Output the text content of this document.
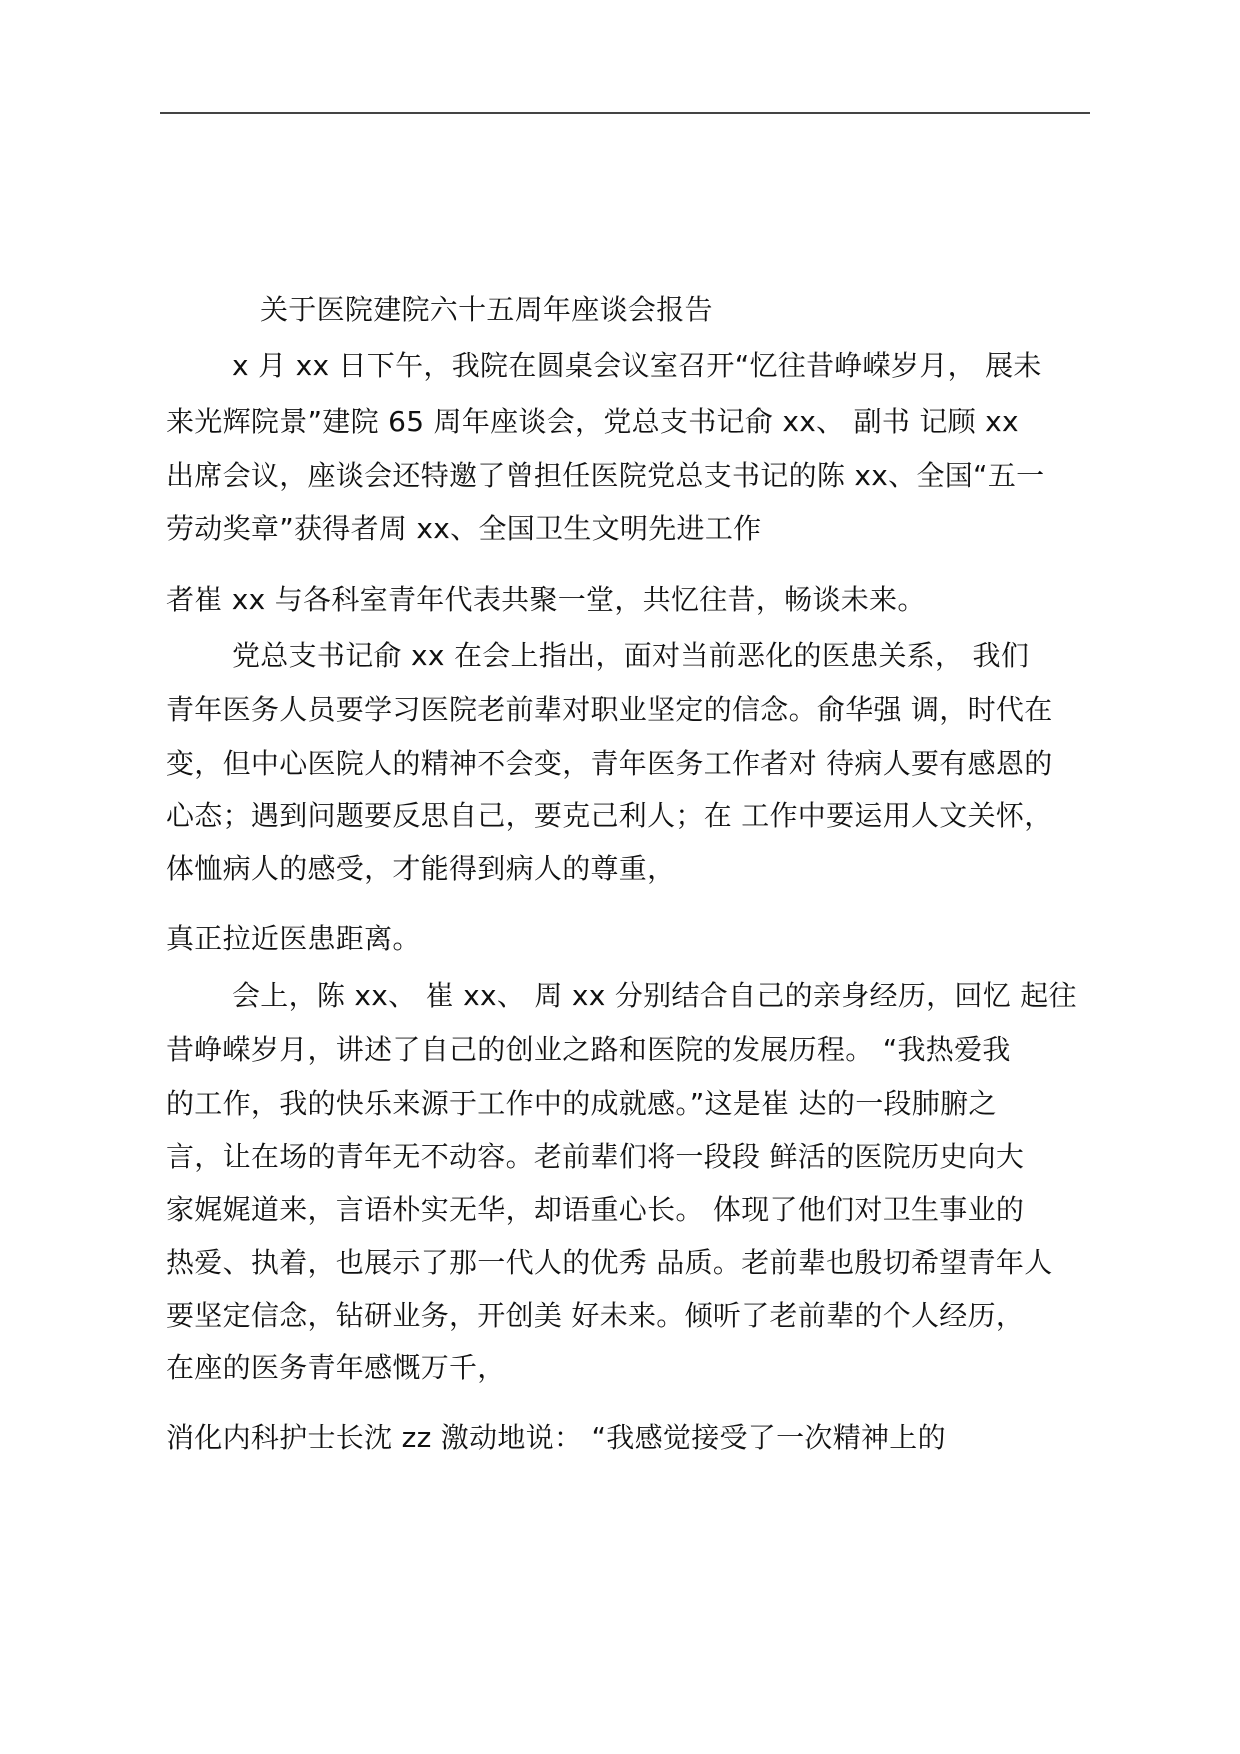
关于医院建院六十五周年座谈会报告
x 月 xx 日下午，我院在圆桌会议室召开“忆往昔峥嵘岁月， 展未
来光辉院景”建院 65 周年座谈会，党总支书记俞 xx、 副书 记顾 xx
出席会议，座谈会还特邀了曾担任医院党总支书记的陈 xx、全国“五一
劳动奖章”获得者周 xx、全国卫生文明先进工作
者崔 xx 与各科室青年代表共聚一堂，共忆往昔，畅谈未来。
党总支书记俞 xx 在会上指出，面对当前恶化的医患关系， 我们
青年医务人员要学习医院老前辈对职业坚定的信念。俞华强 调，时代在
变，但中心医院人的精神不会变，青年医务工作者对 待病人要有感恩的
心态；遇到问题要反思自己，要克己利人；在 工作中要运用人文关怀，
体恤病人的感受，才能得到病人的尊重，
真正拉近医患距离。
会上，陈 xx、 崔 xx、 周 xx 分别结合自己的亲身经历，回忆 起往
昔峥嵘岁月，讲述了自己的创业之路和医院的发展历程。 “我热爱我
的工作，我的快乐来源于工作中的成就感。”这是崔 达的一段肺腑之
言，让在场的青年无不动容。老前辈们将一段段 鲜活的医院历史向大
家娓娓道来，言语朴实无华，却语重心长。 体现了他们对卫生事业的
热爱、执着，也展示了那一代人的优秀 品质。老前辈也殷切希望青年人
要坚定信念，钻研业务，开创美 好未来。倾听了老前辈的个人经历，
在座的医务青年感慨万千，
消化内科护士长沈 zz 激动地说： “我感觉接受了一次精神上的
